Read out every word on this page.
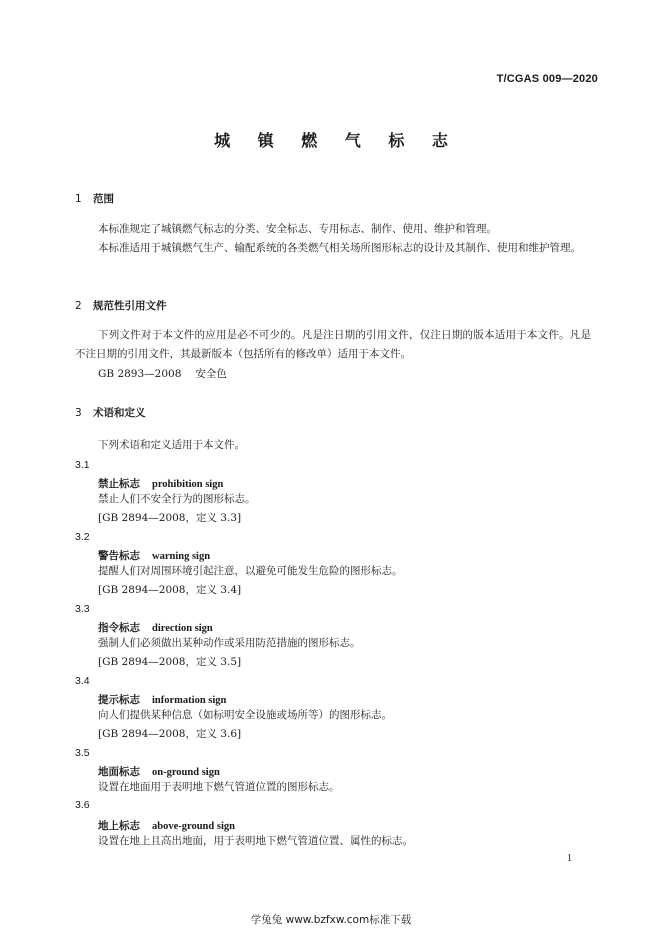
T/CGAS 009—2020
城 镇 燃 气 标 志
1 范围
本标准规定了城镇燃气标志的分类、安全标志、专用标志、制作、使用、维护和管理。
本标准适用于城镇燃气生产、输配系统的各类燃气相关场所图形标志的设计及其制作、使用和维护管理。
2 规范性引用文件
下列文件对于本文件的应用是必不可少的。凡是注日期的引用文件，仅注日期的版本适用于本文件。凡是不注日期的引用文件，其最新版本（包括所有的修改单）适用于本文件。
GB 2893—2008 安全色
3 术语和定义
下列术语和定义适用于本文件。
3.1
禁止标志 prohibition sign
禁止人们不安全行为的图形标志。
[GB 2894—2008，定义 3.3]
3.2
警告标志 warning sign
提醒人们对周围环境引起注意，以避免可能发生危险的图形标志。
[GB 2894—2008，定义 3.4]
3.3
指令标志 direction sign
强制人们必须做出某种动作或采用防范措施的图形标志。
[GB 2894—2008，定义 3.5]
3.4
提示标志 information sign
向人们提供某种信息（如标明安全设施或场所等）的图形标志。
[GB 2894—2008，定义 3.6]
3.5
地面标志 on-ground sign
设置在地面用于表明地下燃气管道位置的图形标志。
3.6
地上标志 above-ground sign
设置在地上且高出地面，用于表明地下燃气管道位置、属性的标志。
1
学兔兔 www.bzfxw.com标准下载
